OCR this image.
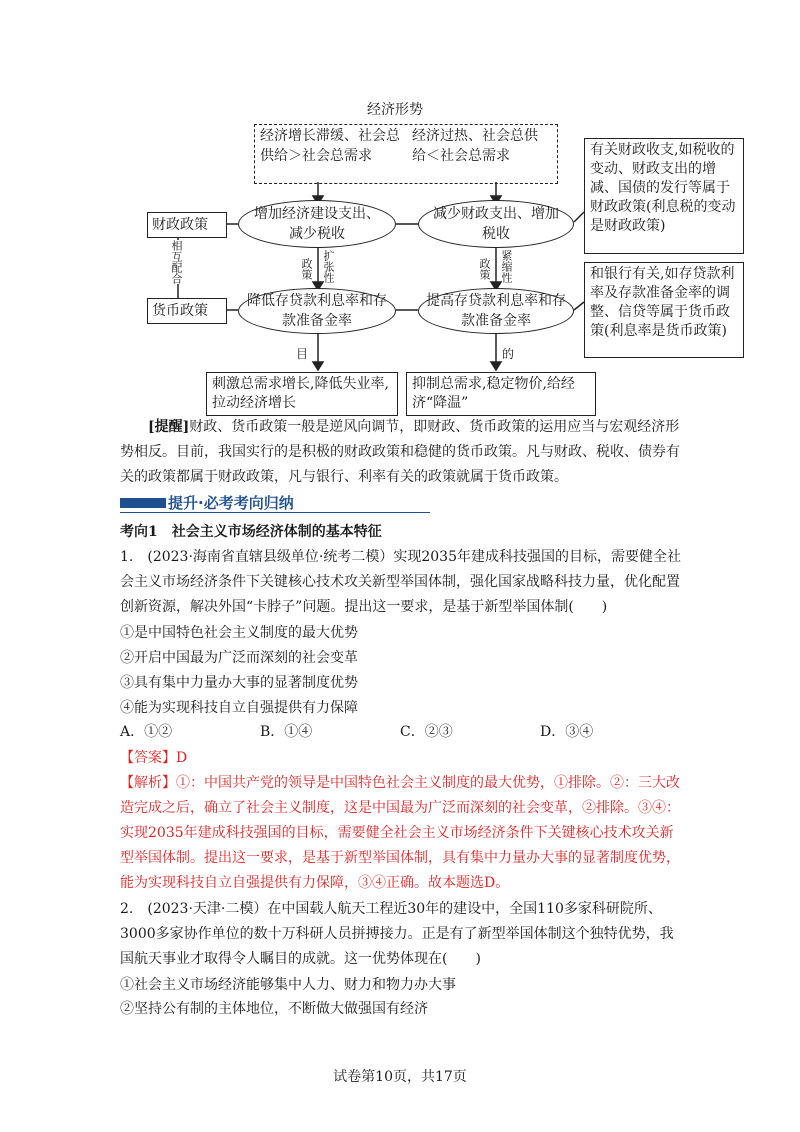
经济形势
经济增长滞缓、社会总供给＞社会总需求
经济过热、社会总供给＜社会总需求
财政政策
货币政策
相互配合
增加经济建设支出、减少税收
减少财政支出、增加税收
降低存贷款利息率和存款准备金率
提高存贷款利息率和存款准备金率
政策 扩张性	政策 紧缩性
目	的
刺激总需求增长,降低失业率,拉动经济增长
抑制总需求,稳定物价,给经济“降温”
有关财政收支,如税收的变动、财政支出的增减、国债的发行等属于财政政策(利息税的变动是财政政策)
和银行有关,如存贷款利率及存款准备金率的调整、信贷等属于货币政策(利息率是货币政策)
[提醒]财政、货币政策一般是逆风向调节，即财政、货币政策的运用应当与宏观经济形势相反。目前，我国实行的是积极的财政政策和稳健的货币政策。凡与财政、税收、债券有关的政策都属于财政政策，凡与银行、利率有关的政策就属于货币政策。
提升·必考考向归纳
考向1　社会主义市场经济体制的基本特征
1.　(2023·海南省直辖县级单位·统考二模）实现2035年建成科技强国的目标，需要健全社会主义市场经济条件下关键核心技术攻关新型举国体制，强化国家战略科技力量，优化配置创新资源，解决外国“卡脖子”问题。提出这一要求，是基于新型举国体制(　　)
①是中国特色社会主义制度的最大优势
②开启中国最为广泛而深刻的社会变革
③具有集中力量办大事的显著制度优势
④能为实现科技自立自强提供有力保障
A．①②	B．①④	C．②③	D．③④
【答案】D
【解析】①：中国共产党的领导是中国特色社会主义制度的最大优势，①排除。②：三大改造完成之后，确立了社会主义制度，这是中国最为广泛而深刻的社会变革，②排除。③④：实现2035年建成科技强国的目标，需要健全社会主义市场经济条件下关键核心技术攻关新型举国体制。提出这一要求，是基于新型举国体制，具有集中力量办大事的显著制度优势，能为实现科技自立自强提供有力保障，③④正确。故本题选D。
2.　(2023·天津·二模）在中国载人航天工程近30年的建设中，全国110多家科研院所、3000多家协作单位的数十万科研人员拼搏接力。正是有了新型举国体制这个独特优势，我国航天事业才取得令人瞩目的成就。这一优势体现在(　　)
①社会主义市场经济能够集中人力、财力和物力办大事
②坚持公有制的主体地位，不断做大做强国有经济
试卷第10页，共17页
